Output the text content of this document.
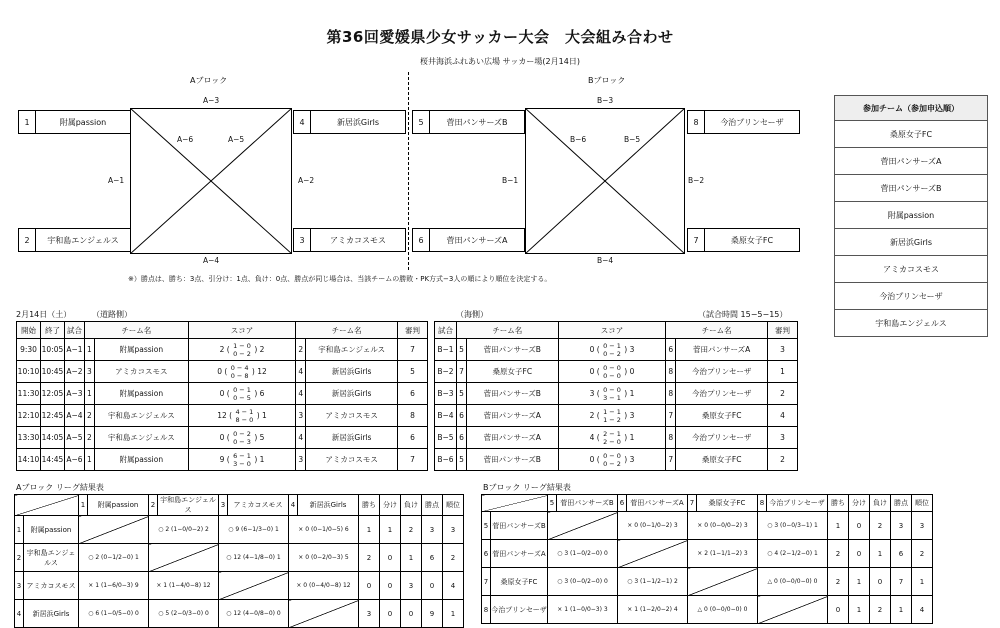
第36回愛媛県少女サッカー大会　大会組み合わせ
桜井海浜ふれあい広場 サッカー場(2月14日)
Aブロック
A−3
A−4
A−1	A−2
A−6	A−5
1	附属passion
2	宇和島エンジェルス	3	アミカコスモス
4	新居浜Girls
Bブロック
B−3
B−4
B−1	B−2
B−6	B−5
5	菅田パンサーズB
6	菅田パンサーズA
8	今治プリンセーザ
7	桑原女子FC
※）勝点は、勝ち：3点、引分け：1点、負け：0点、勝点が同じ場合は、当該チームの勝敗・PK方式−3人の順により順位を決定する。
参加チーム（参加申込順）
桑原女子FC
菅田パンサーズA
菅田パンサーズB
附属passion
新居浜Girls
アミカコスモス
今治プリンセーザ
宇和島エンジェルス
2月14日（土）	（道路側）	（海側）	（試合時間 15−5−15）
開始	終了	試合	チーム名		スコア	チーム名		審判
9:30	10:05	A−1	1	附属passion	2 ( 1 − 0
0 − 2 ) 2	2	宇和島エンジェルス	7
10:10	10:45	A−2	3	アミカコスモス	0 ( 0 − 4
0 − 8 ) 12	4	新居浜Girls	5
11:30	12:05	A−3	1	附属passion	0 ( 0 − 1
0 − 5 ) 6	4	新居浜Girls	6
12:10	12:45	A−4	2	宇和島エンジェルス	12 ( 4 − 1
8 − 0 ) 1	3	アミカコスモス	8
13:30	14:05	A−5	2	宇和島エンジェルス	0 ( 0 − 2
0 − 3 ) 5	4	新居浜Girls	6
14:10	14:45	A−6	1	附属passion	9 ( 6 − 1
3 − 0 ) 1	3	アミカコスモス	7
試合	チーム名		スコア	チーム名		審判
B−1	5	菅田パンサーズB	0 ( 0 − 1
0 − 2 ) 3	6	菅田パンサーズA	3
B−2	7	桑原女子FC	0 ( 0 − 0
0 − 0 ) 0	8	今治プリンセーザ	1
B−3	5	菅田パンサーズB	3 ( 0 − 0
3 − 1 ) 1	8	今治プリンセーザ	2
B−4	6	菅田パンサーズA	2 ( 1 − 1
1 − 2 ) 3	7	桑原女子FC	4
B−5	6	菅田パンサーズA	4 ( 2 − 1
2 − 0 ) 1	8	今治プリンセーザ	3
B−6	5	菅田パンサーズB	0 ( 0 − 0
0 − 2 ) 3	7	桑原女子FC	2
Aブロック リーグ結果表
		1	附属passion	2	宇和島エンジェルス	3	アミカコスモス	4	新居浜Girls	勝ち	分け	負け	勝点	順位
1	附属passion			○ 2 (1−0/0−2) 2		○ 9 (6−1/3−0) 1		× 0 (0−1/0−5) 6		1	1	2	3	3
2	宇和島エンジェルス	○ 2 (0−1/2−0) 1				○ 12 (4−1/8−0) 1		× 0 (0−2/0−3) 5		2	0	1	6	2
3	アミカコスモス	× 1 (1−6/0−3) 9		× 1 (1−4/0−8) 12				× 0 (0−4/0−8) 12		0	0	3	0	4
4	新居浜Girls	○ 6 (1−0/5−0) 0		○ 5 (2−0/3−0) 0		○ 12 (4−0/8−0) 0				3	0	0	9	1
Bブロック リーグ結果表
		5	菅田パンサーズB	6	菅田パンサーズA	7	桑原女子FC	8	今治プリンセーザ	勝ち	分け	負け	勝点	順位
5	菅田パンサーズB			× 0 (0−1/0−2) 3		× 0 (0−0/0−2) 3		○ 3 (0−0/3−1) 1		1	0	2	3	3
6	菅田パンサーズA	○ 3 (1−0/2−0) 0				× 2 (1−1/1−2) 3		○ 4 (2−1/2−0) 1		2	0	1	6	2
7	桑原女子FC	○ 3 (0−0/2−0) 0		○ 3 (1−1/2−1) 2				△ 0 (0−0/0−0) 0		2	1	0	7	1
8	今治プリンセーザ	× 1 (1−0/0−3) 3		× 1 (1−2/0−2) 4		△ 0 (0−0/0−0) 0				0	1	2	1	4
